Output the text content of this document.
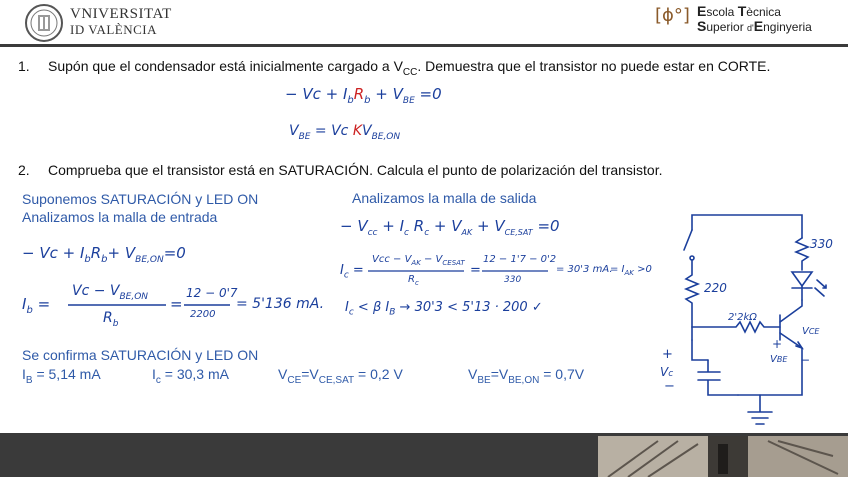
VNIVERSITAT
ID VALÈNCIA
[ϕ°] Escola Tècnica
Superior d'Enginyeria
1. Supón que el condensador está inicialmente cargado a $V_{CC}$. Demuestra que el transistor no puede estar en CORTE.
− $Vc + I_bR_b + V_{BE} =0$
$V_{BE} = Vc$ $KV_{BE,ON}$
2. Comprueba que el transistor está en SATURACIÓN. Calcula el punto de polarización del transistor.
Suponemos SATURACIÓN y LED ON
Analizamos la malla de entrada
Analizamos la malla de salida
− $Vc + I_bR_b+ V_{BE,ON}=0$
$I_b$ =
$Vc - V_{BE,ON}$
$R_b$
=
12 − 0'7
2200
= 5'136 mA.
− $V_{cc} + I_c$ $R_c + V_{AK} + V_{CE,SAT} =0$
$I_c$ =
Vcc − $V_{AK} - V_{CESAT}$
$R_c$
=
12 − 1'7 − 0'2
330
= 30'3 mA.
= $I_{AK} >0$
$I_c < \beta$ $I_B \to 30'3 < 5'13 \cdot 200$ ✓
Se confirma SATURACIÓN y LED ON
$I_B = 5,14$ mA	$I_c = 30,3$ mA	$V_{CE}=V_{CE,SAT} = 0,2$ V	$V_{BE}=V_{BE,ON} = 0,7V$
330
220
2'2kΩ
VCE
VBE
Vc
+
−
+
−
